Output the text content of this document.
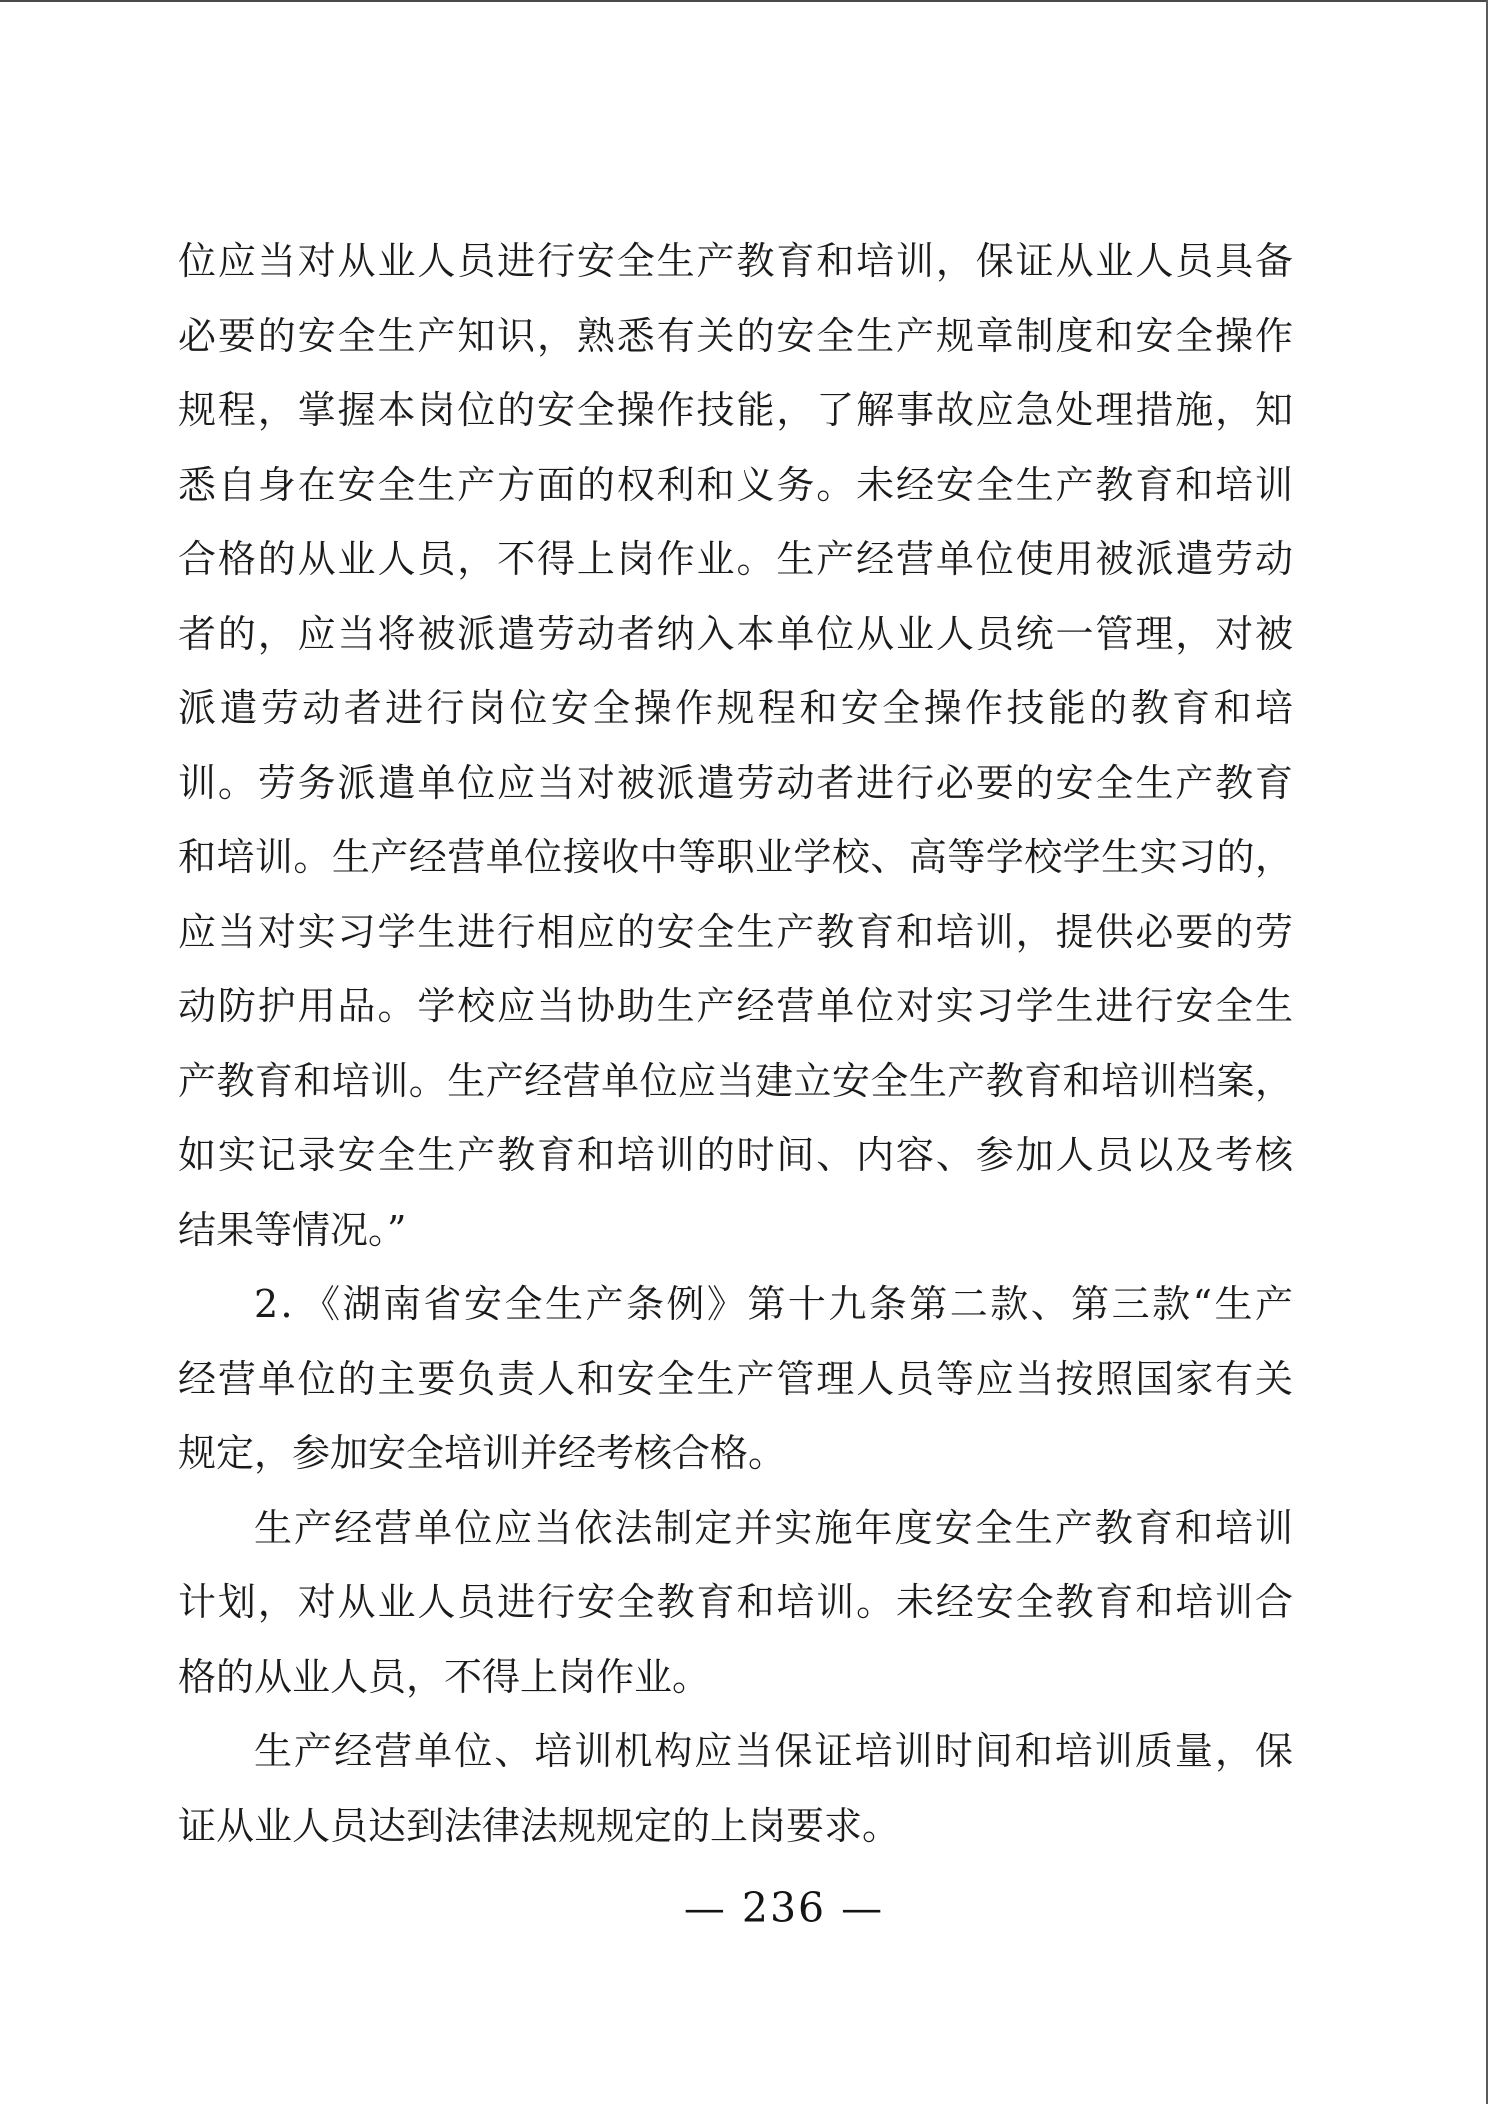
位应当对从业人员进行安全生产教育和培训，保证从业人员具备
必要的安全生产知识，熟悉有关的安全生产规章制度和安全操作
规程，掌握本岗位的安全操作技能，了解事故应急处理措施，知
悉自身在安全生产方面的权利和义务。未经安全生产教育和培训
合格的从业人员，不得上岗作业。生产经营单位使用被派遣劳动
者的，应当将被派遣劳动者纳入本单位从业人员统一管理，对被
派遣劳动者进行岗位安全操作规程和安全操作技能的教育和培
训。劳务派遣单位应当对被派遣劳动者进行必要的安全生产教育
和培训。生产经营单位接收中等职业学校、高等学校学生实习的，
应当对实习学生进行相应的安全生产教育和培训，提供必要的劳
动防护用品。学校应当协助生产经营单位对实习学生进行安全生
产教育和培训。生产经营单位应当建立安全生产教育和培训档案，
如实记录安全生产教育和培训的时间、内容、参加人员以及考核
结果等情况。”
2．《湖南省安全生产条例》第十九条第二款、第三款“生产
经营单位的主要负责人和安全生产管理人员等应当按照国家有关
规定，参加安全培训并经考核合格。
生产经营单位应当依法制定并实施年度安全生产教育和培训
计划，对从业人员进行安全教育和培训。未经安全教育和培训合
格的从业人员，不得上岗作业。
生产经营单位、培训机构应当保证培训时间和培训质量，保
证从业人员达到法律法规规定的上岗要求。
— 236 —
